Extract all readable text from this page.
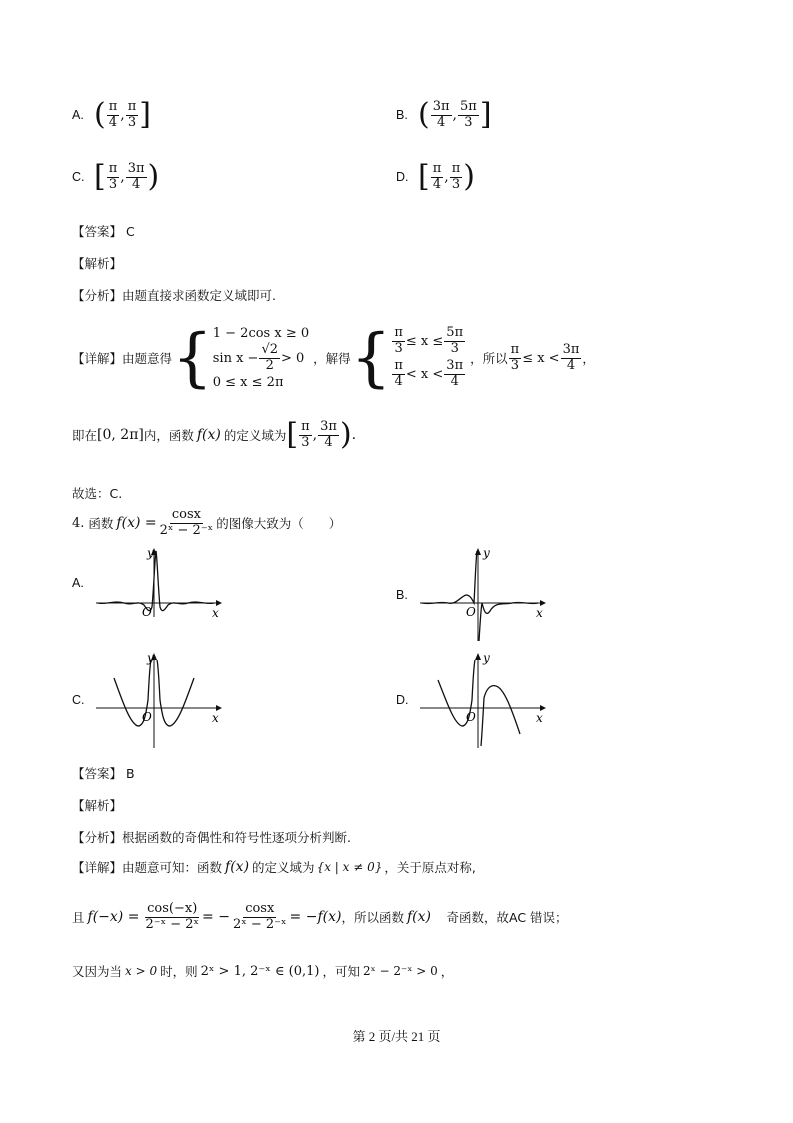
A. ( $\frac{\pi}{4}$ , $\frac{\pi}{3}$ ]	B. ( $\frac{3\pi}{4}$ , $\frac{5\pi}{3}$ ]
C. [ $\frac{\pi}{3}$ , $\frac{3\pi}{4}$ )	D. [ $\frac{\pi}{4}$ , $\frac{\pi}{3}$ )
【答案】 C
【解析】
【分析】 由题直接求函数定义域即可.
【详解】 由题意得 { 1 − 2cos x ≥ 0
$\sin x - \frac{√2}{2} > 0$
0 ≤ x ≤ 2π
，解得 { $\frac{\pi}{3} \le x \le \frac{5\pi}{3}$
$\frac{\pi}{4} < x < \frac{3\pi}{4}$
，所以 $\frac{\pi}{3} \le x < \frac{3\pi}{4}$ ，
即在 [0, 2π] 内，函数 f(x) 的定义域为 [ $\frac{\pi}{3}$ , $\frac{3\pi}{4}$ ) .
故选：C.
4. 函数 $f(x) = \frac{\cos x}{\text{2ˣ − 2⁻ˣ}}$ 的图像大致为（　　）
A.
y
x
O
B.
y
x
O
C.
y
x
O
D.
y
x
O
【答案】 B
【解析】
【分析】 根据函数的奇偶性和符号性逐项分析判断.
【详解】 由题意可知：函数 f(x) 的定义域为 {x | x ≠ 0} ，关于原点对称,
且 $f(-x) = \frac{\cos(-x)}{\text{2⁻ˣ − 2ˣ}}$ = − $\frac{\cos x}{\text{2ˣ − 2⁻ˣ}} = -f(x)$ ，所以函数 f(x) 　奇函数，故AC 错误；
又因为当 x > 0 时，则 2ˣ > 1, 2⁻ˣ ∈ (0,1) ，可知 2ˣ − 2⁻ˣ > 0 ，
第 2 页/共 21 页
